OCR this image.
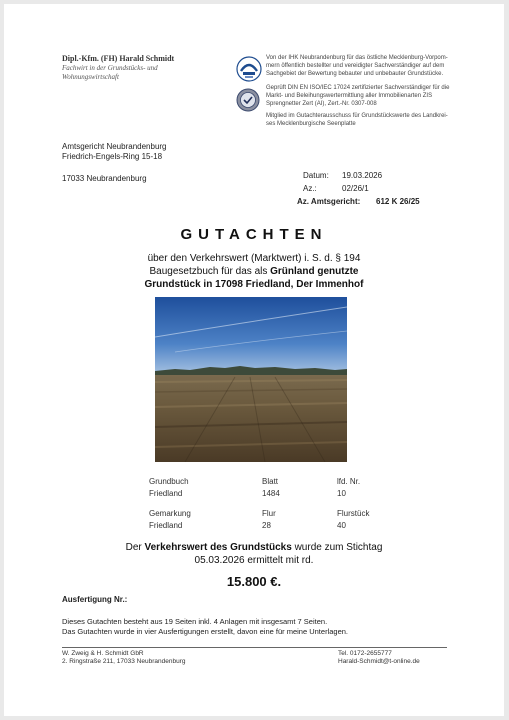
Dipl.-Kfm. (FH) Harald Schmidt
Fachwirt in der Grundstücks- und
Wohnungswirtschaft
Von der IHK Neubrandenburg für das östliche Mecklenburg-Vorpom-
mern öffentlich bestellter und vereidigter Sachverständiger auf dem
Sachgebiet der Bewertung bebauter und unbebauter Grundstücke.
Geprüft DIN EN ISO/IEC 17024 zertifizierter Sachverständiger für die
Markt- und Beleihungswertermittlung aller Immobilienarten ZIS
Sprengnetter Zert (AI), Zert.-Nr. 0307-008
Mitglied im Gutachterausschuss für Grundstückswerte des Landkrei-
ses Mecklenburgische Seenplatte
Amtsgericht Neubrandenburg
Friedrich-Engels-Ring 15-18
17033 Neubrandenburg	Datum: 19.03.2026
Az.:	02/26/1
Az. Amtsgericht: 612 K 26/25
GUTACHTEN
über den Verkehrswert (Marktwert) i. S. d. § 194
Baugesetzbuch für das als Grünland genutzte
Grundstück in 17098 Friedland, Der Immenhof
Grundbuch
Friedland
Blatt
1484
lfd. Nr.
10
Gemarkung
Friedland
Flur
28
Flurstück
40
Der Verkehrswert des Grundstücks wurde zum Stichtag
05.03.2026 ermittelt mit rd.
15.800 €.
Ausfertigung Nr.:
Dieses Gutachten besteht aus 19 Seiten inkl. 4 Anlagen mit insgesamt 7 Seiten.
Das Gutachten wurde in vier Ausfertigungen erstellt, davon eine für meine Unterlagen.
W. Zweig & H. Schmidt GbR
2. Ringstraße 211, 17033 Neubrandenburg
Tel. 0172-2655777
Harald-Schmidt@t-online.de
